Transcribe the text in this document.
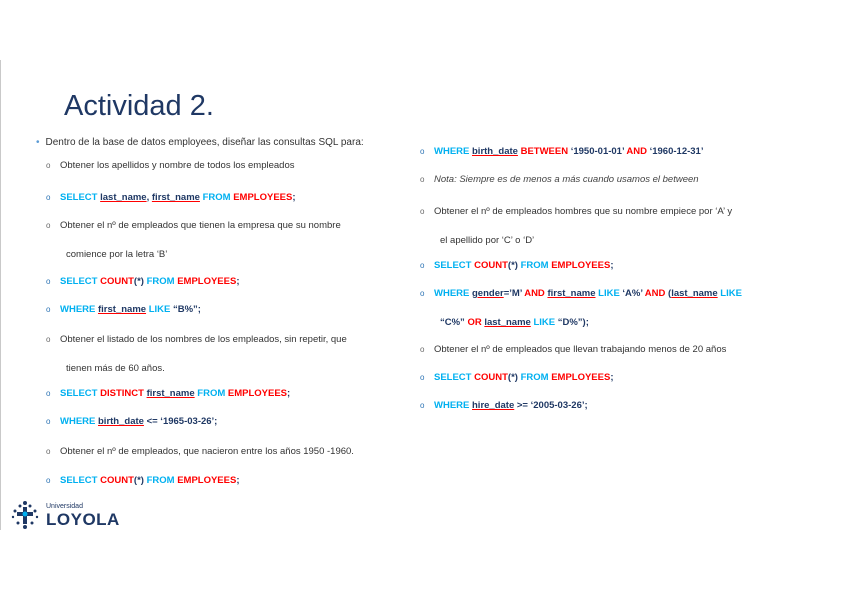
Actividad 2.
• Dentro de la base de datos employees, diseñar las consultas SQL para:
o Obtener los apellidos y nombre de todos los empleados
o SELECT last_name, first_name FROM EMPLOYEES;
o Obtener el nº de empleados que tienen la empresa que su nombre
comience por la letra ‘B’
o SELECT COUNT(*) FROM EMPLOYEES;
o WHERE first_name LIKE “B%”;
o Obtener el listado de los nombres de los empleados, sin repetir, que
tienen más de 60 años.
o SELECT DISTINCT first_name FROM EMPLOYEES;
o WHERE birth_date <= ‘1965-03-26’;
o Obtener el nº de empleados, que nacieron entre los años 1950 -1960.
o SELECT COUNT(*) FROM EMPLOYEES;
o WHERE birth_date BETWEEN ‘1950-01-01’ AND ‘1960-12-31’
o Nota: Siempre es de menos a más cuando usamos el between
o Obtener el nº de empleados hombres que su nombre empiece por ‘A’ y
el apellido por ‘C’ o ‘D’
o SELECT COUNT(*) FROM EMPLOYEES;
o WHERE gender=’M’ AND first_name LIKE ‘A%’ AND (last_name LIKE
“C%” OR last_name LIKE “D%”);
o Obtener el nº de empleados que llevan trabajando menos de 20 años
o SELECT COUNT(*) FROM EMPLOYEES;
o WHERE hire_date >= ‘2005-03-26’;
Universidad
LOYOLA
